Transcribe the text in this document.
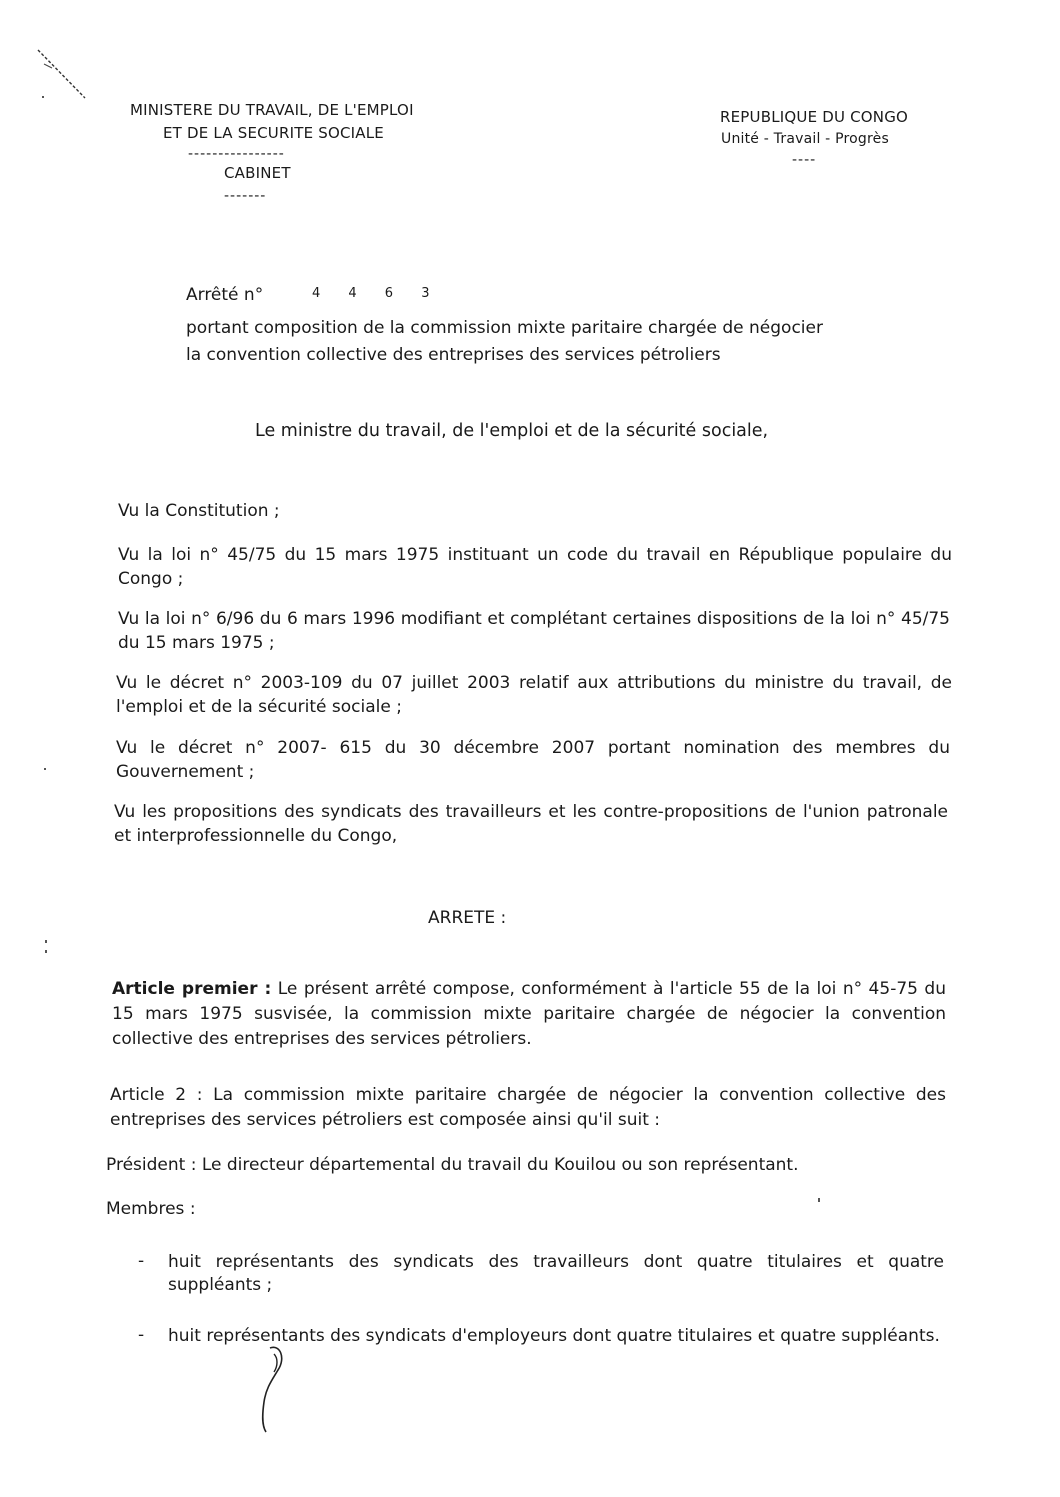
MINISTERE DU TRAVAIL, DE L'EMPLOI
ET DE LA SECURITE SOCIALE
----------------
CABINET
-------
REPUBLIQUE DU CONGO
Unité - Travail - Progrès
----
Arrêté n°	4 4 6 3
portant composition de la commission mixte paritaire chargée de négocier
la convention collective des entreprises des services pétroliers
Le ministre du travail, de l'emploi et de la sécurité sociale,
Vu la Constitution ;
Vu la loi n° 45/75 du 15 mars 1975 instituant un code du travail en République populaire du Congo ;
Vu la loi n° 6/96 du 6 mars 1996 modifiant et complétant certaines dispositions de la loi n° 45/75 du 15 mars 1975 ;
Vu le décret n° 2003-109 du 07 juillet 2003 relatif aux attributions du ministre du travail, de l'emploi et de la sécurité sociale ;
Vu le décret n° 2007- 615 du 30 décembre 2007 portant nomination des membres du Gouvernement ;
Vu les propositions des syndicats des travailleurs et les contre-propositions de l'union patronale et interprofessionnelle du Congo,
ARRETE :
Article premier : Le présent arrêté compose, conformément à l'article 55 de la loi n° 45-75 du 15 mars 1975 susvisée, la commission mixte paritaire chargée de négocier la convention collective des entreprises des services pétroliers.
Article 2 : La commission mixte paritaire chargée de négocier la convention collective des entreprises des services pétroliers est composée ainsi qu'il suit :
Président : Le directeur départemental du travail du Kouilou ou son représentant.
Membres :
- huit représentants des syndicats des travailleurs dont quatre titulaires et quatre suppléants ;
- huit représentants des syndicats d'employeurs dont quatre titulaires et quatre suppléants.
